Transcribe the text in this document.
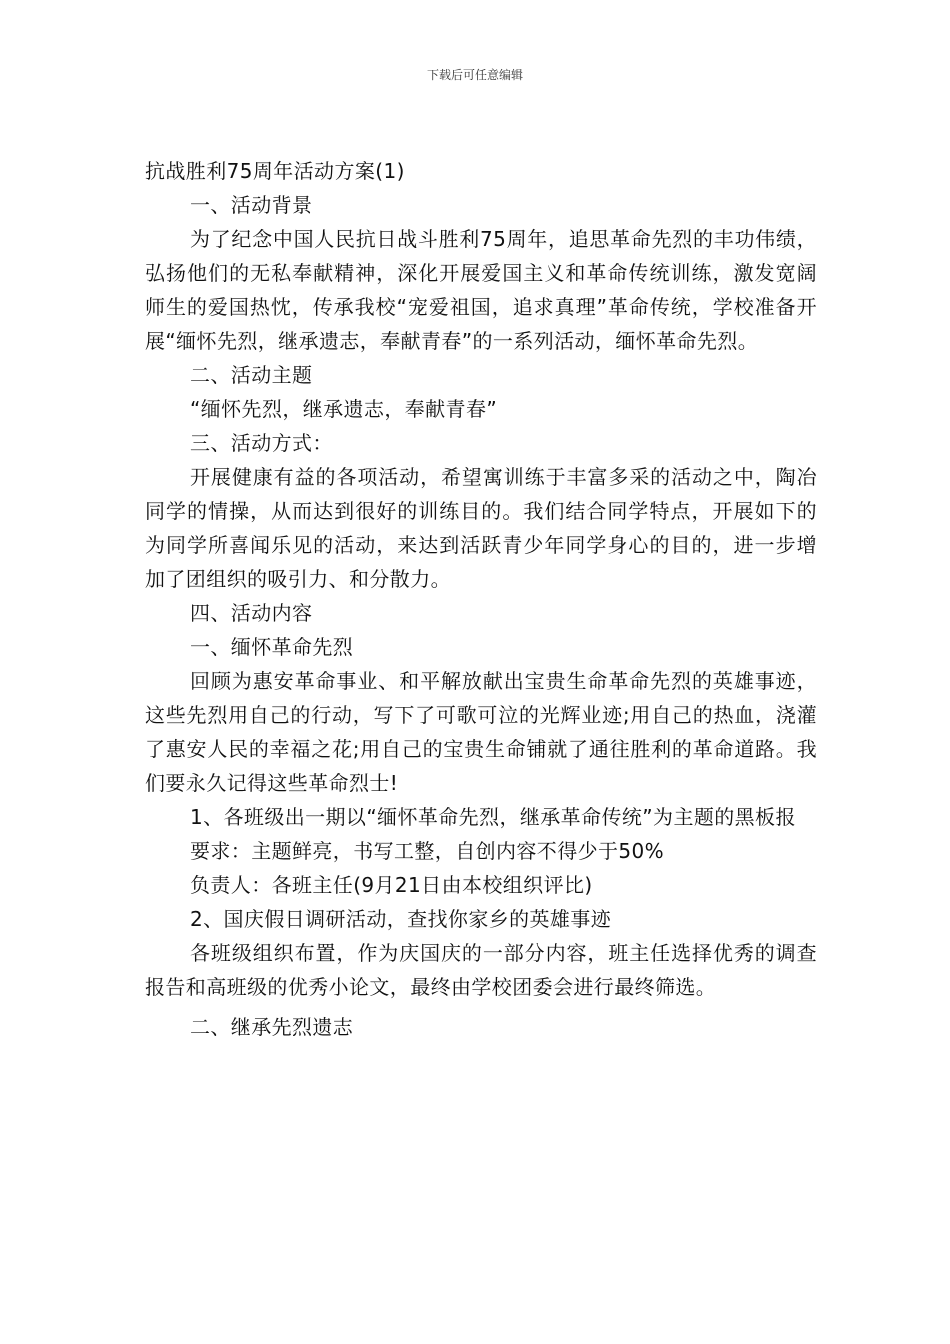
下载后可任意编辑

抗战胜利75周年活动方案(1)

一、活动背景

为了纪念中国人民抗日战斗胜利75周年，追思革命先烈的丰功伟绩，弘扬他们的无私奉献精神，深化开展爱国主义和革命传统训练，激发宽阔师生的爱国热忱，传承我校“宠爱祖国，追求真理”革命传统，学校准备开展“缅怀先烈，继承遗志，奉献青春”的一系列活动，缅怀革命先烈。

二、活动主题

“缅怀先烈，继承遗志，奉献青春”

三、活动方式：

开展健康有益的各项活动，希望寓训练于丰富多采的活动之中，陶冶同学的情操，从而达到很好的训练目的。我们结合同学特点，开展如下的为同学所喜闻乐见的活动，来达到活跃青少年同学身心的目的，进一步增加了团组织的吸引力、和分散力。

四、活动内容

一、缅怀革命先烈

回顾为惠安革命事业、和平解放献出宝贵生命革命先烈的英雄事迹，这些先烈用自己的行动，写下了可歌可泣的光辉业迹;用自己的热血，浇灌了惠安人民的幸福之花;用自己的宝贵生命铺就了通往胜利的革命道路。我们要永久记得这些革命烈士!

1、各班级出一期以“缅怀革命先烈，继承革命传统”为主题的黑板报

要求：主题鲜亮，书写工整，自创内容不得少于50%

负责人：各班主任(9月21日由本校组织评比)

2、国庆假日调研活动，查找你家乡的英雄事迹

各班级组织布置，作为庆国庆的一部分内容，班主任选择优秀的调查报告和高班级的优秀小论文，最终由学校团委会进行最终筛选。

二、继承先烈遗志
